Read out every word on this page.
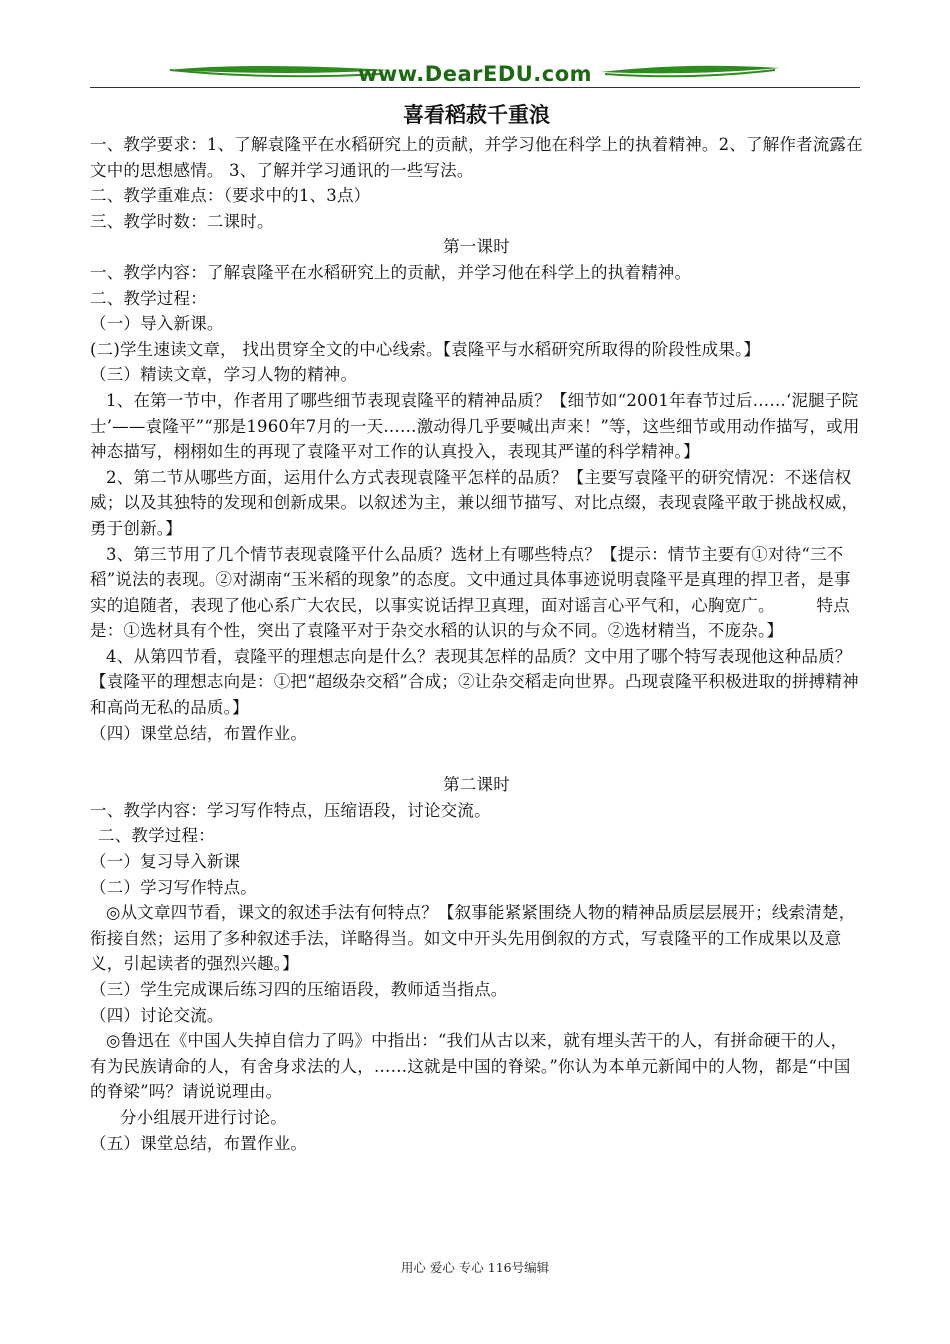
www.DearEDU.com
喜看稻菽千重浪

一、教学要求：1、了解袁隆平在水稻研究上的贡献，并学习他在科学上的执着精神。2、了解作者流露在文中的思想感情。 3、了解并学习通讯的一些写法。

二、教学重难点：（要求中的1、3点）

三、教学时数：二课时。

第一课时

一、教学内容：了解袁隆平在水稻研究上的贡献，并学习他在科学上的执着精神。

二、教学过程：

（一）导入新课。

(二)学生速读文章， 找出贯穿全文的中心线索。【袁隆平与水稻研究所取得的阶段性成果。】

（三）精读文章，学习人物的精神。

1、在第一节中，作者用了哪些细节表现袁隆平的精神品质？【细节如“2001年春节过后……‘泥腿子院士’——袁隆平”“那是1960年7月的一天……激动得几乎要喊出声来！”等，这些细节或用动作描写，或用神态描写，栩栩如生的再现了袁隆平对工作的认真投入，表现其严谨的科学精神。】

2、第二节从哪些方面，运用什么方式表现袁隆平怎样的品质？【主要写袁隆平的研究情况：不迷信权威；以及其独特的发现和创新成果。以叙述为主，兼以细节描写、对比点缀，表现袁隆平敢于挑战权威，勇于创新。】

3、第三节用了几个情节表现袁隆平什么品质？选材上有哪些特点？【提示：情节主要有①对待“三不稻”说法的表现。②对湖南“玉米稻的现象”的态度。文中通过具体事迹说明袁隆平是真理的捍卫者，是事实的追随者，表现了他心系广大农民，以事实说话捍卫真理，面对谣言心平气和，心胸宽广。　　　特点是：①选材具有个性，突出了袁隆平对于杂交水稻的认识的与众不同。②选材精当，不庞杂。】

4、从第四节看，袁隆平的理想志向是什么？表现其怎样的品质？文中用了哪个特写表现他这种品质？【袁隆平的理想志向是：①把“超级杂交稻”合成；②让杂交稻走向世界。凸现袁隆平积极进取的拼搏精神和高尚无私的品质。】

（四）课堂总结，布置作业。

第二课时

一、教学内容：学习写作特点，压缩语段，讨论交流。

二、教学过程：

（一）复习导入新课

（二）学习写作特点。

◎从文章四节看，课文的叙述手法有何特点？【叙事能紧紧围绕人物的精神品质层层展开；线索清楚，衔接自然；运用了多种叙述手法，详略得当。如文中开头先用倒叙的方式，写袁隆平的工作成果以及意义，引起读者的强烈兴趣。】

（三）学生完成课后练习四的压缩语段，教师适当指点。

（四）讨论交流。

◎鲁迅在《中国人失掉自信力了吗》中指出：“我们从古以来，就有埋头苦干的人，有拼命硬干的人，有为民族请命的人，有舍身求法的人，……这就是中国的脊梁。”你认为本单元新闻中的人物，都是“中国的脊梁”吗？请说说理由。

分小组展开进行讨论。

（五）课堂总结，布置作业。

用心 爱心 专心 116号编辑
